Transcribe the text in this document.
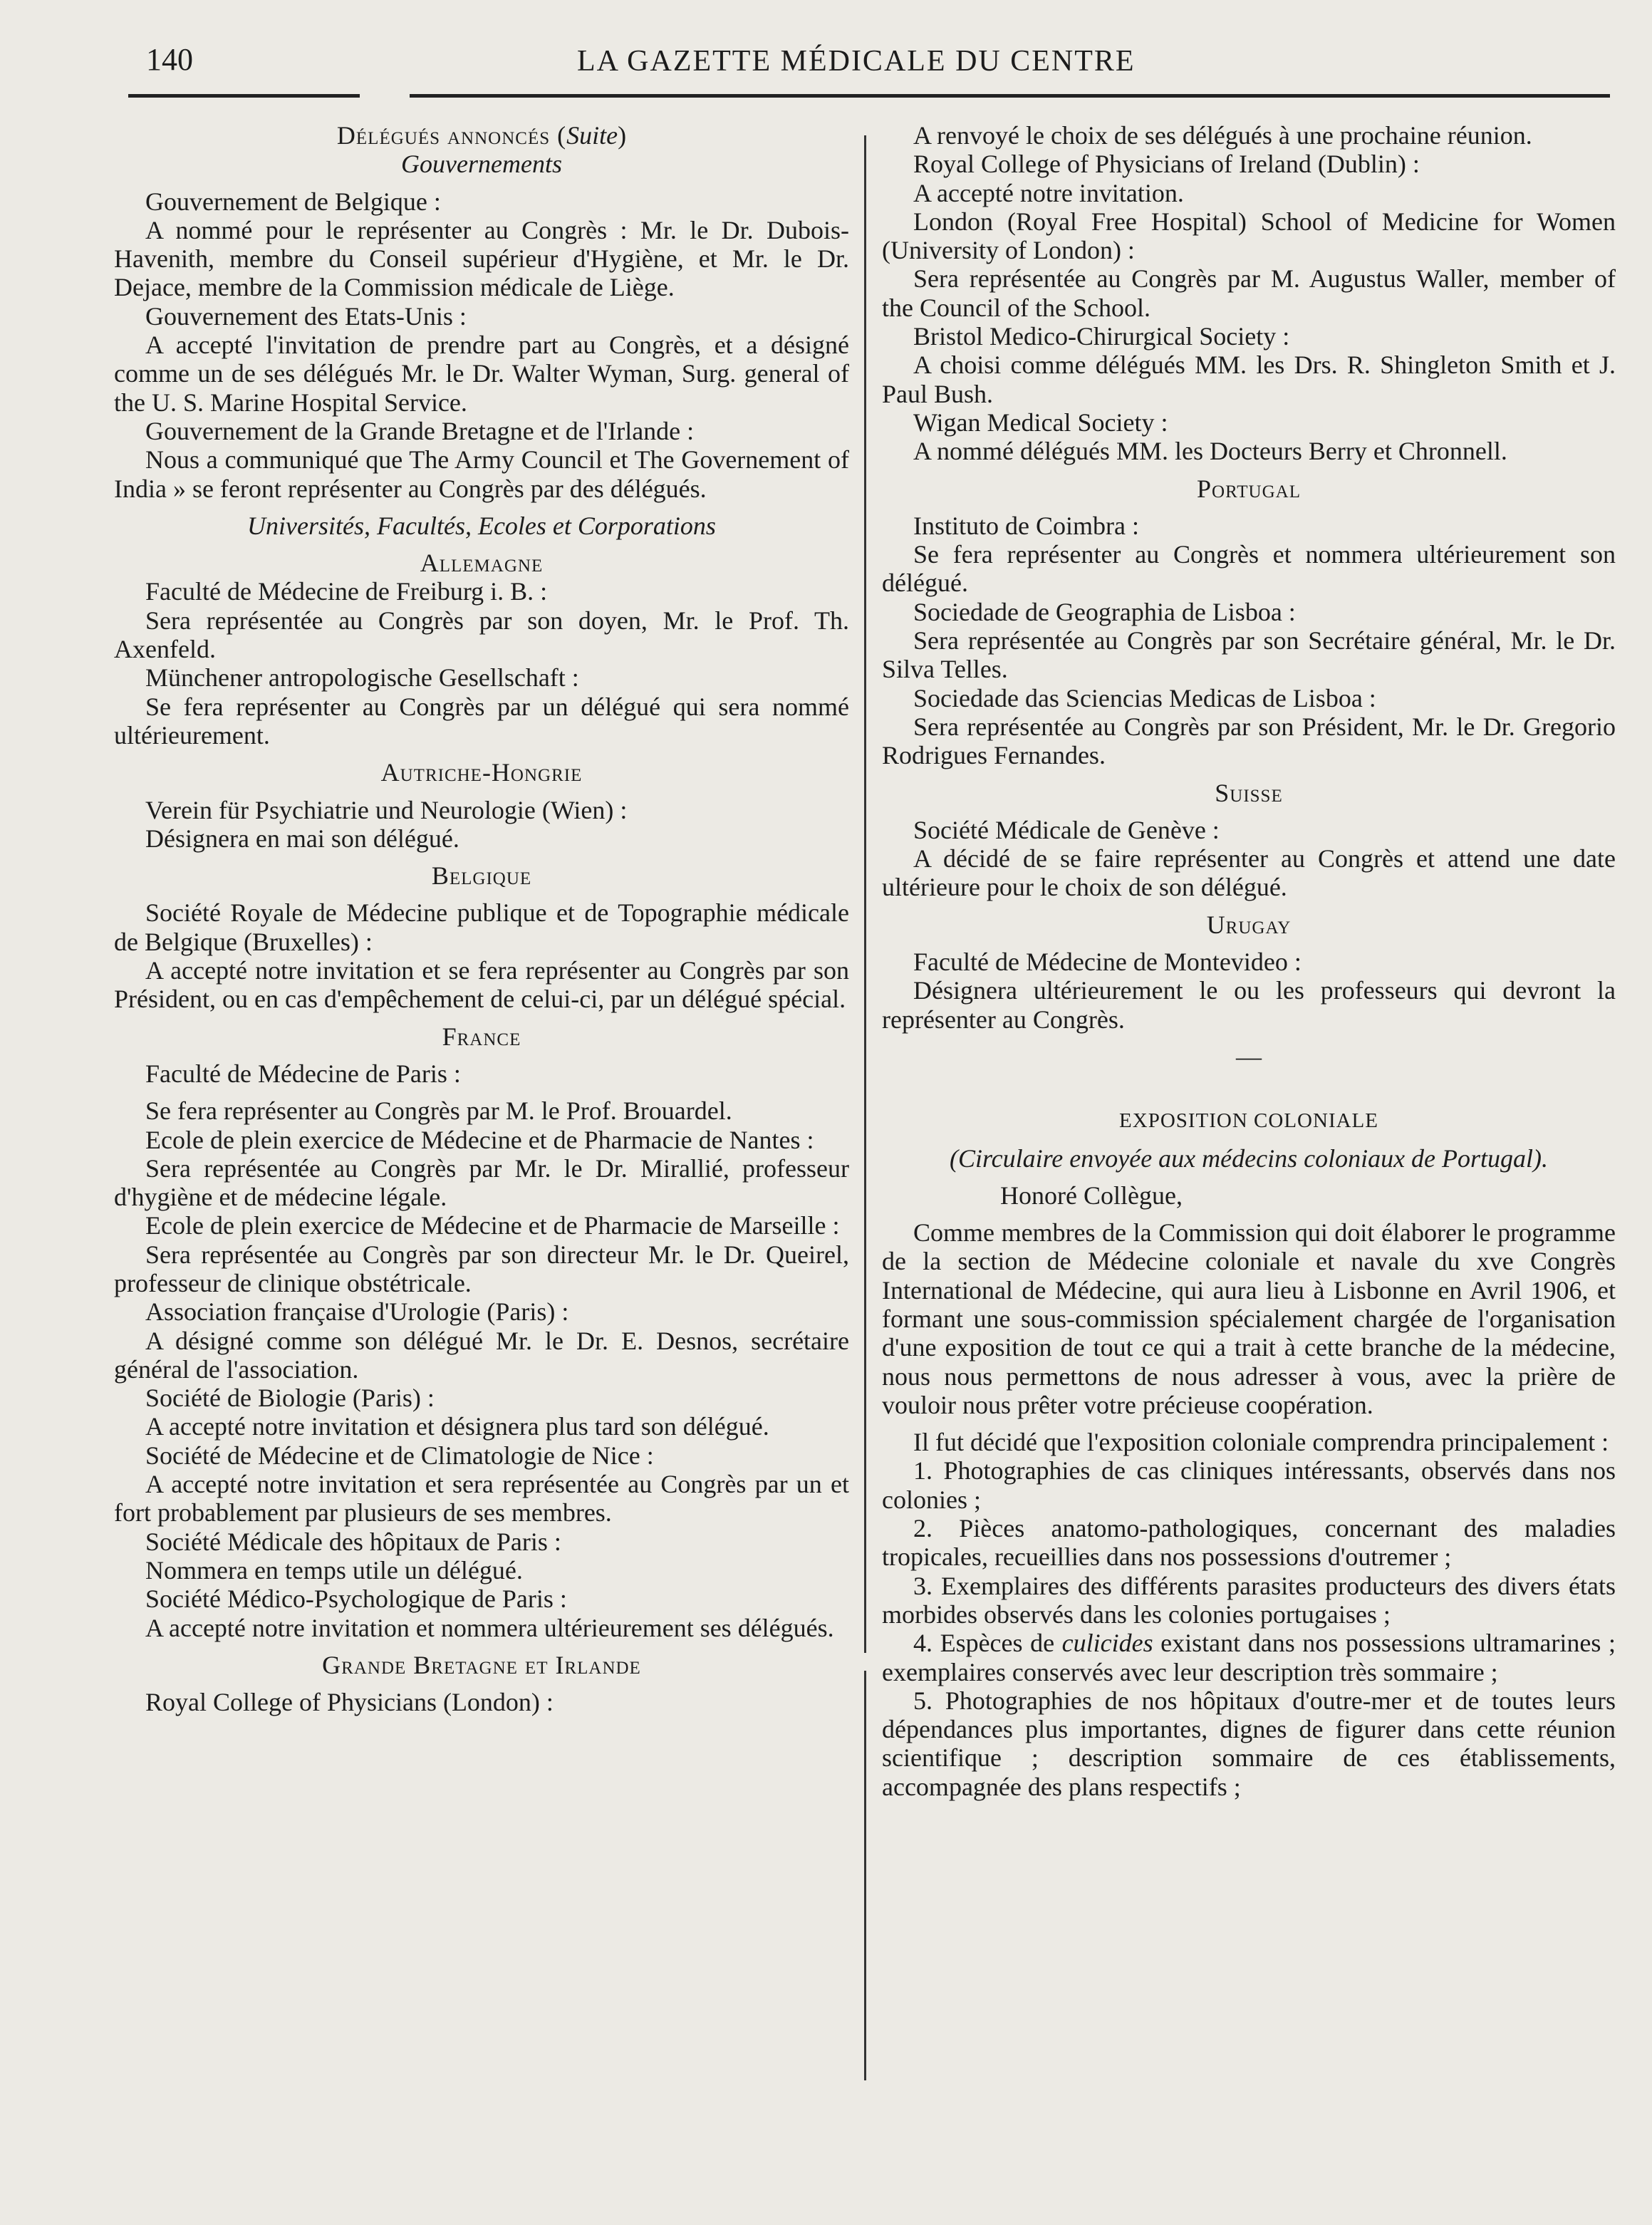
140	LA GAZETTE MÉDICALE DU CENTRE

Délégués annoncés (Suite)

Gouvernements

Gouvernement de Belgique :

A nommé pour le représenter au Congrès : Mr. le Dr. Dubois-Havenith, membre du Conseil supérieur d'Hygiène, et Mr. le Dr. Dejace, membre de la Commission médicale de Liège.

Gouvernement des Etats-Unis :

A accepté l'invitation de prendre part au Congrès, et a désigné comme un de ses délégués Mr. le Dr. Walter Wyman, Surg. general of the U. S. Marine Hospital Service.

Gouvernement de la Grande Bretagne et de l'Irlande :

Nous a communiqué que The Army Council et The Governement of India » se feront représenter au Congrès par des délégués.

Universités, Facultés, Ecoles et Corporations

Allemagne

Faculté de Médecine de Freiburg i. B. :

Sera représentée au Congrès par son doyen, Mr. le Prof. Th. Axenfeld.

Münchener antropologische Gesellschaft :

Se fera représenter au Congrès par un délégué qui sera nommé ultérieurement.

Autriche-Hongrie

Verein für Psychiatrie und Neurologie (Wien) :

Désignera en mai son délégué.

Belgique

Société Royale de Médecine publique et de Topographie médicale de Belgique (Bruxelles) :

A accepté notre invitation et se fera représenter au Congrès par son Président, ou en cas d'empêchement de celui-ci, par un délégué spécial.

France

Faculté de Médecine de Paris :

Se fera représenter au Congrès par M. le Prof. Brouardel.

Ecole de plein exercice de Médecine et de Pharmacie de Nantes :

Sera représentée au Congrès par Mr. le Dr. Mirallié, professeur d'hygiène et de médecine légale.

Ecole de plein exercice de Médecine et de Pharmacie de Marseille :

Sera représentée au Congrès par son directeur Mr. le Dr. Queirel, professeur de clinique obstétricale.

Association française d'Urologie (Paris) :

A désigné comme son délégué Mr. le Dr. E. Desnos, secrétaire général de l'association.

Société de Biologie (Paris) :

A accepté notre invitation et désignera plus tard son délégué.

Société de Médecine et de Climatologie de Nice :

A accepté notre invitation et sera représentée au Congrès par un et fort probablement par plusieurs de ses membres.

Société Médicale des hôpitaux de Paris :

Nommera en temps utile un délégué.

Société Médico-Psychologique de Paris :

A accepté notre invitation et nommera ultérieurement ses délégués.

Grande Bretagne et Irlande

Royal College of Physicians (London) :

A renvoyé le choix de ses délégués à une prochaine réunion.

Royal College of Physicians of Ireland (Dublin) :

A accepté notre invitation.

London (Royal Free Hospital) School of Medicine for Women (University of London) :

Sera représentée au Congrès par M. Augustus Waller, member of the Council of the School.

Bristol Medico-Chirurgical Society :

A choisi comme délégués MM. les Drs. R. Shingleton Smith et J. Paul Bush.

Wigan Medical Society :

A nommé délégués MM. les Docteurs Berry et Chronnell.

Portugal

Instituto de Coimbra :

Se fera représenter au Congrès et nommera ultérieurement son délégué.

Sociedade de Geographia de Lisboa :

Sera représentée au Congrès par son Secrétaire général, Mr. le Dr. Silva Telles.

Sociedade das Sciencias Medicas de Lisboa :

Sera représentée au Congrès par son Président, Mr. le Dr. Gregorio Rodrigues Fernandes.

Suisse

Société Médicale de Genève :

A décidé de se faire représenter au Congrès et attend une date ultérieure pour le choix de son délégué.

Urugay

Faculté de Médecine de Montevideo :

Désignera ultérieurement le ou les professeurs qui devront la représenter au Congrès.

—

EXPOSITION COLONIALE

(Circulaire envoyée aux médecins coloniaux de Portugal).

Honoré Collègue,

Comme membres de la Commission qui doit élaborer le programme de la section de Médecine coloniale et navale du xve Congrès International de Médecine, qui aura lieu à Lisbonne en Avril 1906, et formant une sous-commission spécialement chargée de l'organisation d'une exposition de tout ce qui a trait à cette branche de la médecine, nous nous permettons de nous adresser à vous, avec la prière de vouloir nous prêter votre précieuse coopération.

Il fut décidé que l'exposition coloniale comprendra principalement :

1. Photographies de cas cliniques intéressants, observés dans nos colonies ;

2. Pièces anatomo-pathologiques, concernant des maladies tropicales, recueillies dans nos possessions d'outremer ;

3. Exemplaires des différents parasites producteurs des divers états morbides observés dans les colonies portugaises ;

4. Espèces de culicides existant dans nos possessions ultramarines ; exemplaires conservés avec leur description très sommaire ;

5. Photographies de nos hôpitaux d'outre-mer et de toutes leurs dépendances plus importantes, dignes de figurer dans cette réunion scientifique ; description sommaire de ces établissements, accompagnée des plans respectifs ;
